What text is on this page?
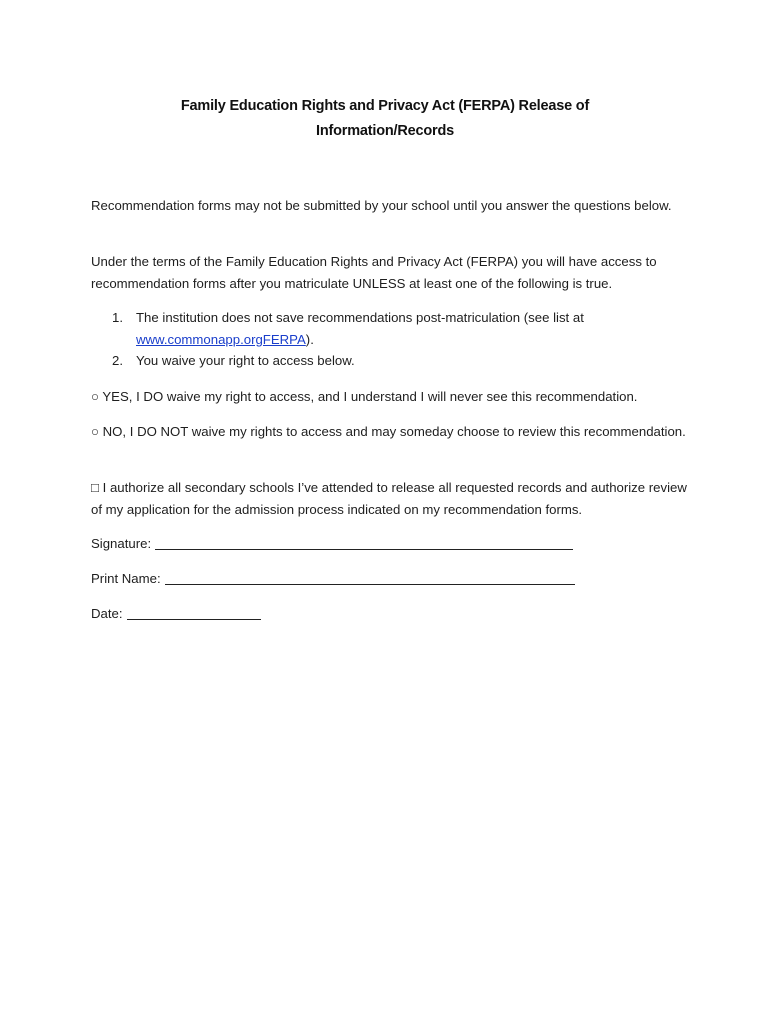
Family Education Rights and Privacy Act (FERPA) Release of
Information/Records

Recommendation forms may not be submitted by your school until you answer the questions below.

Under the terms of the Family Education Rights and Privacy Act (FERPA) you will have access to recommendation forms after you matriculate UNLESS at least one of the following is true.

1. The institution does not save recommendations post-matriculation (see list at
www.commonapp.orgFERPA).
2. You waive your right to access below.

○ YES, I DO waive my right to access, and I understand I will never see this recommendation.

○ NO, I DO NOT waive my rights to access and may someday choose to review this recommendation.

□ I authorize all secondary schools I’ve attended to release all requested records and authorize review of my application for the admission process indicated on my recommendation forms.

Signature:
Print Name:
Date:
